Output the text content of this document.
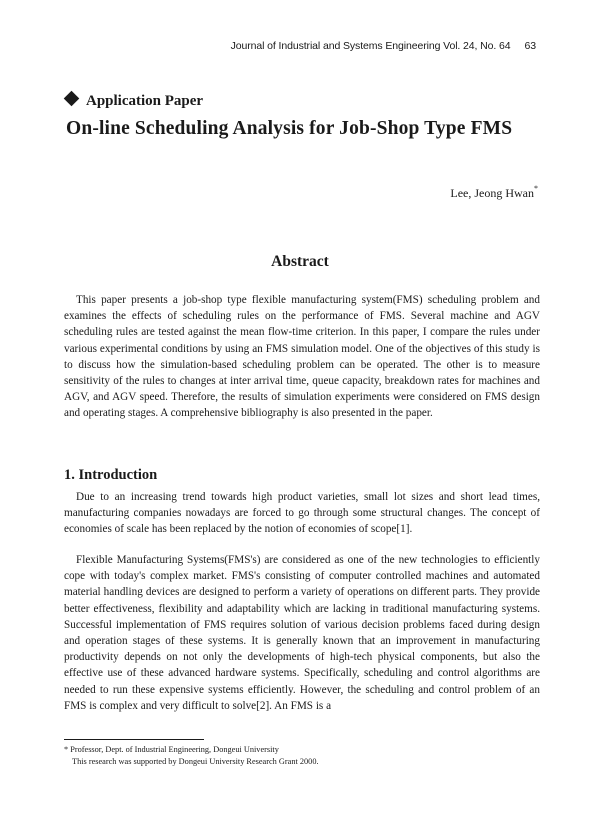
Journal of Industrial and Systems Engineering Vol. 24, No. 64 63
Application Paper
On-line Scheduling Analysis for Job-Shop Type FMS
Lee, Jeong Hwan*
Abstract

This paper presents a job-shop type flexible manufacturing system(FMS) scheduling problem and examines the effects of scheduling rules on the performance of FMS. Several machine and AGV scheduling rules are tested against the mean flow-time criterion. In this paper, I compare the rules under various experimental conditions by using an FMS simulation model. One of the objectives of this study is to discuss how the simulation-based scheduling problem can be operated. The other is to measure sensitivity of the rules to changes at inter arrival time, queue capacity, breakdown rates for machines and AGV, and AGV speed. Therefore, the results of simulation experiments were considered on FMS design and operating stages. A comprehensive bibliography is also presented in the paper.

1. Introduction

Due to an increasing trend towards high product varieties, small lot sizes and short lead times, manufacturing companies nowadays are forced to go through some structural changes. The concept of economies of scale has been replaced by the notion of economies of scope[1].

Flexible Manufacturing Systems(FMS's) are considered as one of the new technologies to efficiently cope with today's complex market. FMS's consisting of computer controlled machines and automated material handling devices are designed to perform a variety of operations on different parts. They provide better effectiveness, flexibility and adaptability which are lacking in traditional manufacturing systems. Successful implementation of FMS requires solution of various decision problems faced during design and operation stages of these systems. It is generally known that an improvement in manufacturing productivity depends on not only the developments of high-tech physical components, but also the effective use of these advanced hardware systems. Specifically, scheduling and control algorithms are needed to run these expensive systems efficiently. However, the scheduling and control problem of an FMS is complex and very difficult to solve[2]. An FMS is a

* Professor, Dept. of Industrial Engineering, Dongeui University

This research was supported by Dongeui University Research Grant 2000.
